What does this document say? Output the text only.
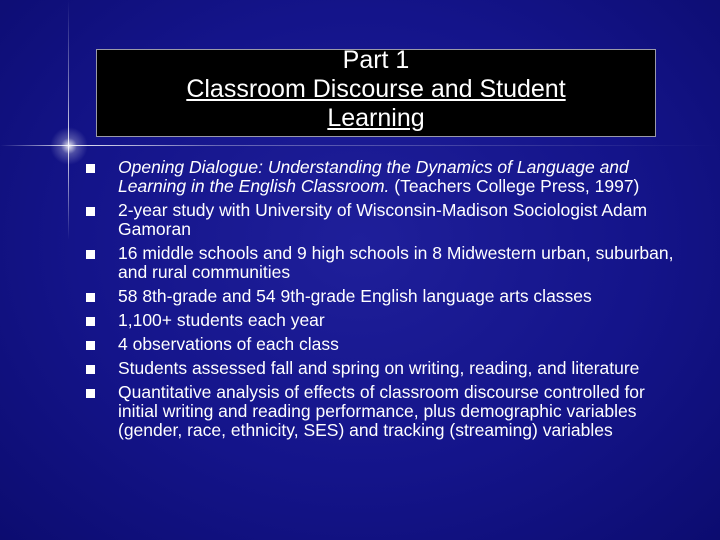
Part 1
Classroom Discourse and Student
Learning
Opening Dialogue: Understanding the Dynamics of Language and Learning in the English Classroom. (Teachers College Press, 1997)
2-year study with University of Wisconsin-Madison Sociologist Adam Gamoran
16 middle schools and 9 high schools in 8 Midwestern urban, suburban, and rural communities
58 8th-grade and 54 9th-grade English language arts classes
1,100+ students each year
4 observations of each class
Students assessed fall and spring on writing, reading, and literature
Quantitative analysis of effects of classroom discourse controlled for initial writing and reading performance, plus demographic variables (gender, race, ethnicity, SES) and tracking (streaming) variables
